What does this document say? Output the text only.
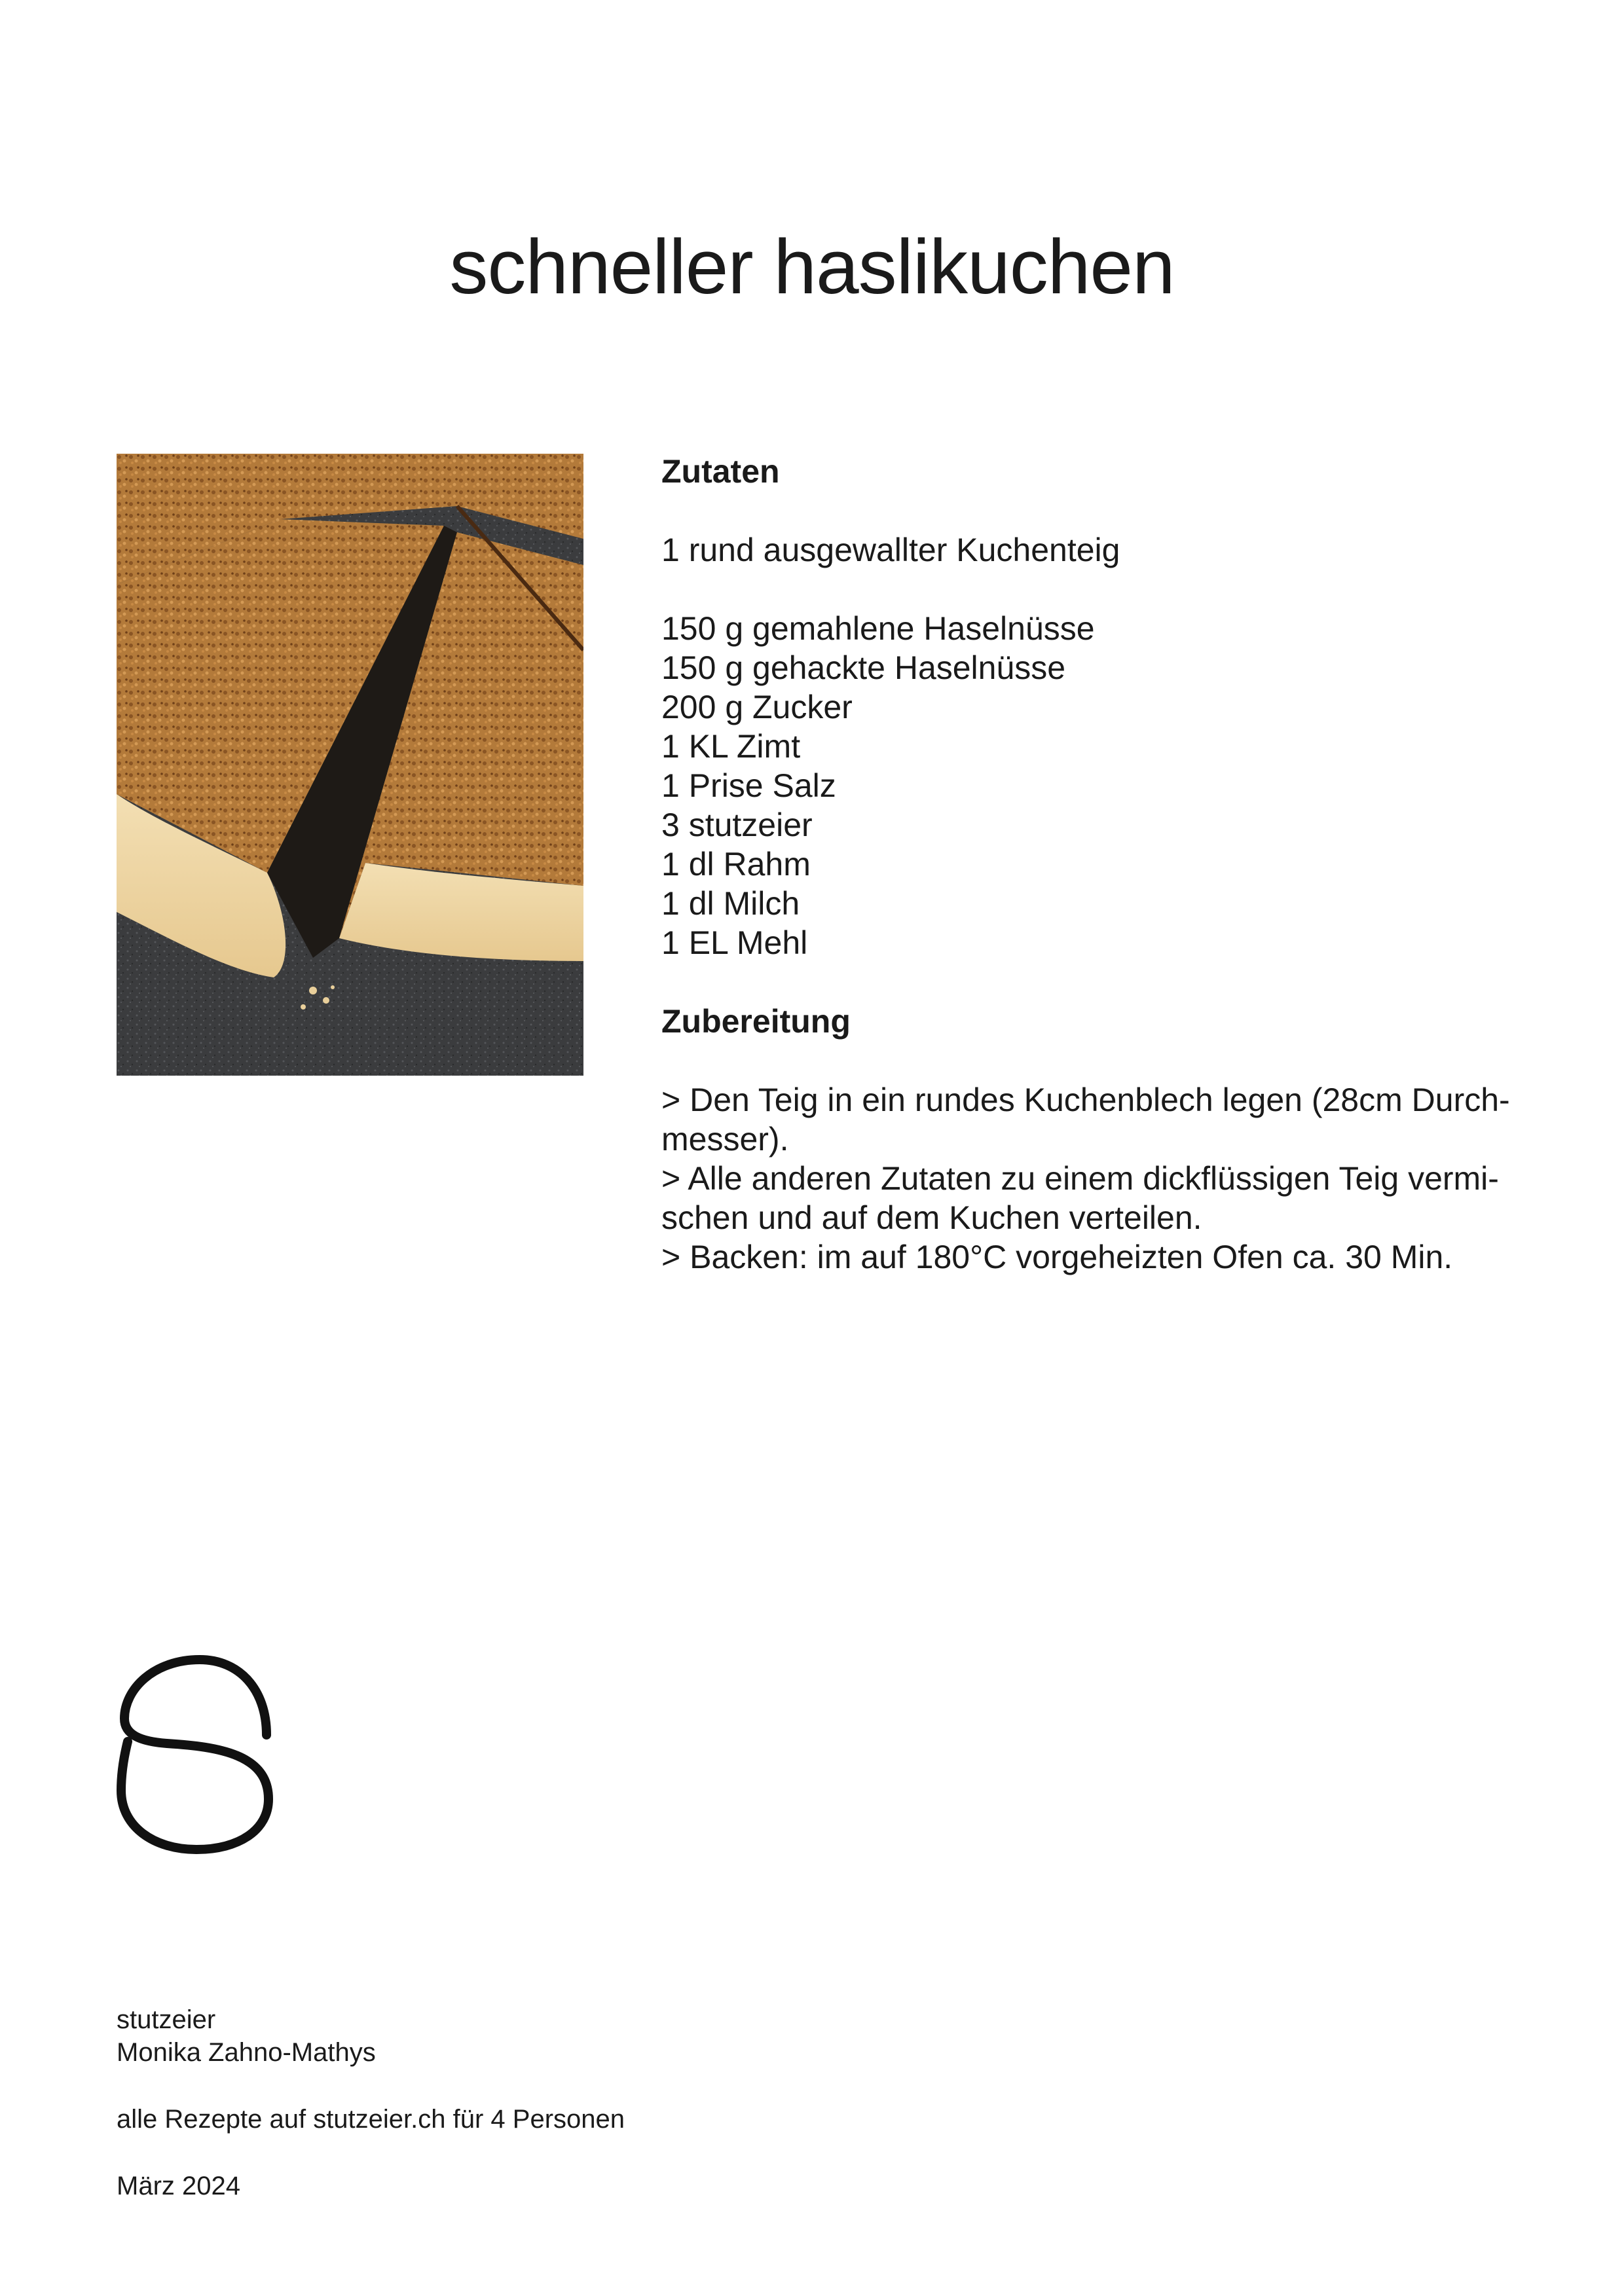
schneller haslikuchen

Zutaten

1 rund ausgewallter Kuchenteig

150 g gemahlene Haselnüsse

150 g gehackte Haselnüsse

200 g Zucker

1 KL Zimt

1 Prise Salz

3 stutzeier

1 dl Rahm

1 dl Milch

1 EL Mehl

Zubereitung

> Den Teig in ein rundes Kuchenblech legen (28cm Durch-

messer).

> Alle anderen Zutaten zu einem dickflüssigen Teig vermi-

schen und auf dem Kuchen verteilen.

> Backen: im auf 180°C vorgeheizten Ofen ca. 30 Min.

stutzeier

Monika Zahno-Mathys

alle Rezepte auf stutzeier.ch für 4 Personen

März 2024
